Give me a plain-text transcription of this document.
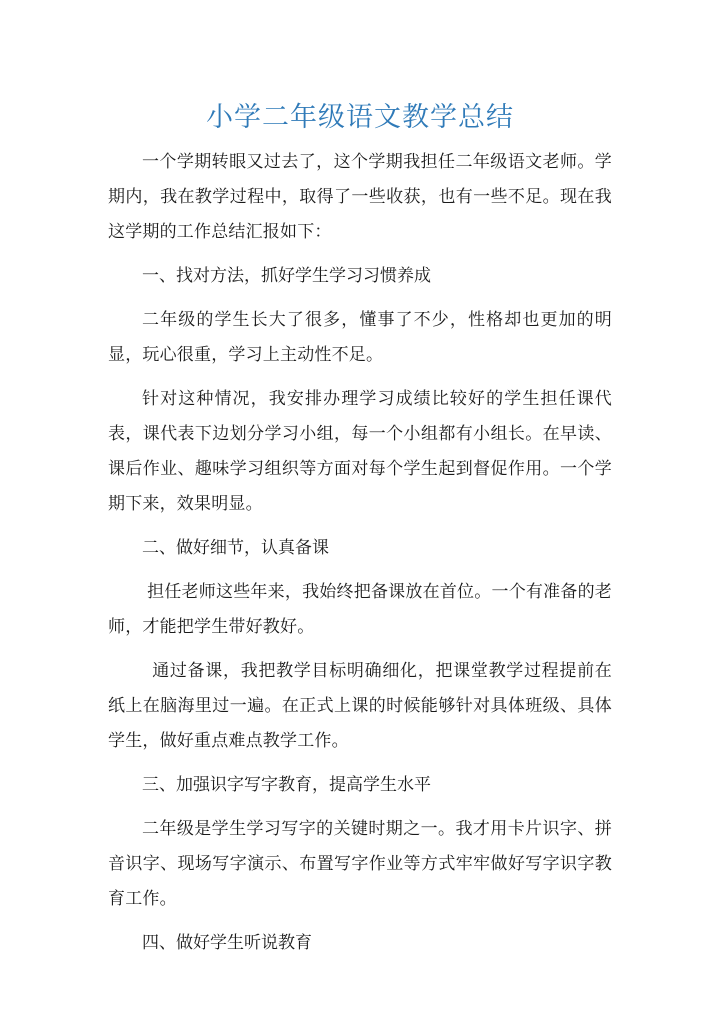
小学二年级语文教学总结

一个学期转眼又过去了，这个学期我担任二年级语文老师。学期内，我在教学过程中，取得了一些收获，也有一些不足。现在我这学期的工作总结汇报如下：

一、找对方法，抓好学生学习习惯养成

二年级的学生长大了很多，懂事了不少，性格却也更加的明显，玩心很重，学习上主动性不足。

针对这种情况，我安排办理学习成绩比较好的学生担任课代表，课代表下边划分学习小组，每一个小组都有小组长。在早读、课后作业、趣味学习组织等方面对每个学生起到督促作用。一个学期下来，效果明显。

二、做好细节，认真备课

担任老师这些年来，我始终把备课放在首位。一个有准备的老师，才能把学生带好教好。

通过备课，我把教学目标明确细化，把课堂教学过程提前在纸上在脑海里过一遍。在正式上课的时候能够针对具体班级、具体学生，做好重点难点教学工作。

三、加强识字写字教育，提高学生水平

二年级是学生学习写字的关键时期之一。我才用卡片识字、拼音识字、现场写字演示、布置写字作业等方式牢牢做好写字识字教育工作。

四、做好学生听说教育
